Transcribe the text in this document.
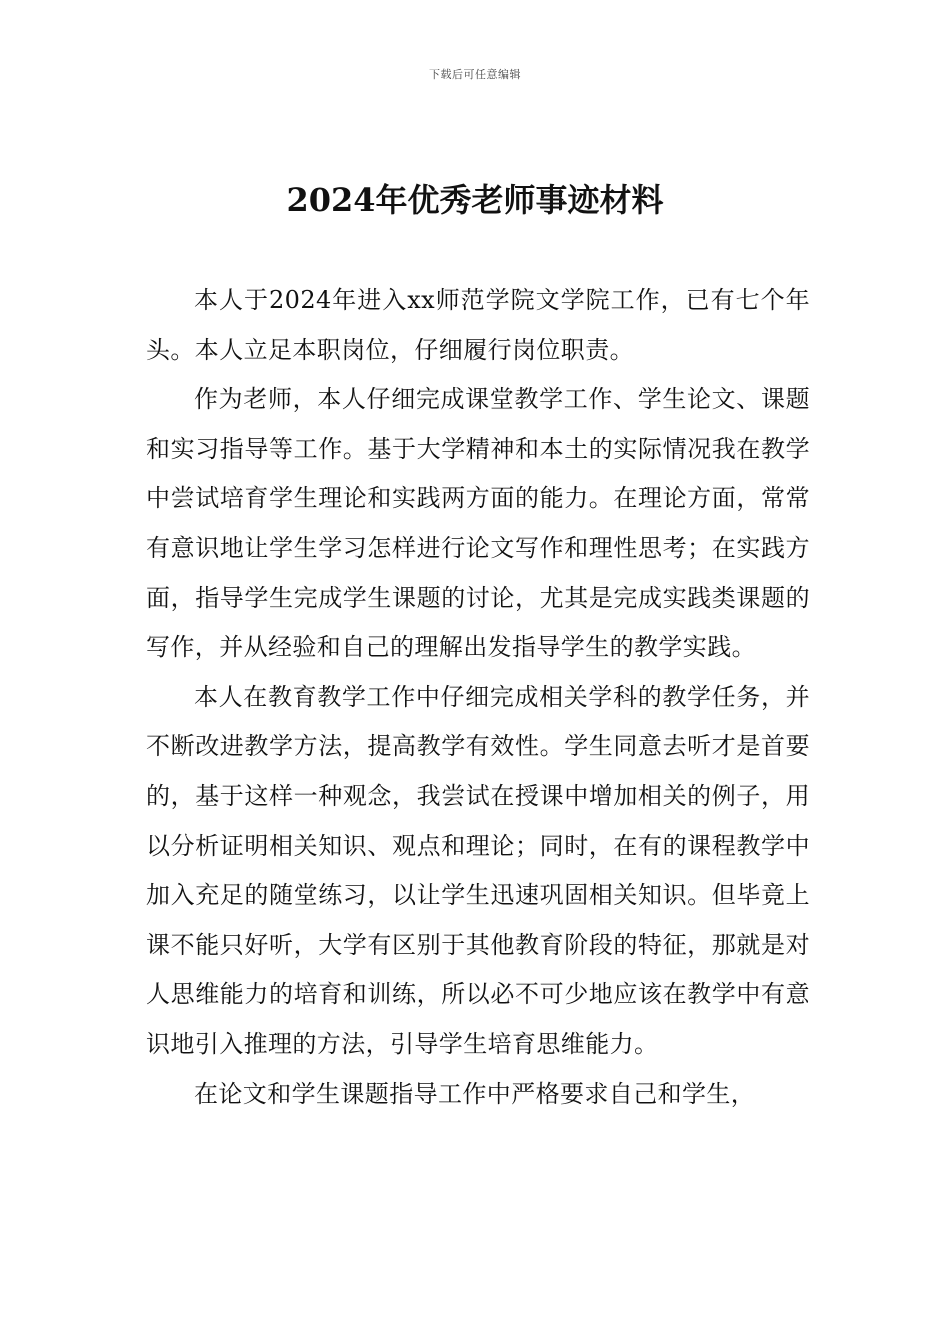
下载后可任意编辑
2024年优秀老师事迹材料

本人于2024年进入xx师范学院文学院工作，已有七个年头。本人立足本职岗位，仔细履行岗位职责。

作为老师，本人仔细完成课堂教学工作、学生论文、课题和实习指导等工作。基于大学精神和本土的实际情况我在教学中尝试培育学生理论和实践两方面的能力。在理论方面，常常有意识地让学生学习怎样进行论文写作和理性思考；在实践方面，指导学生完成学生课题的讨论，尤其是完成实践类课题的写作，并从经验和自己的理解出发指导学生的教学实践。

本人在教育教学工作中仔细完成相关学科的教学任务，并不断改进教学方法，提高教学有效性。学生同意去听才是首要的，基于这样一种观念，我尝试在授课中增加相关的例子，用以分析证明相关知识、观点和理论；同时，在有的课程教学中加入充足的随堂练习，以让学生迅速巩固相关知识。但毕竟上课不能只好听，大学有区别于其他教育阶段的特征，那就是对人思维能力的培育和训练，所以必不可少地应该在教学中有意识地引入推理的方法，引导学生培育思维能力。

在论文和学生课题指导工作中严格要求自己和学生，
